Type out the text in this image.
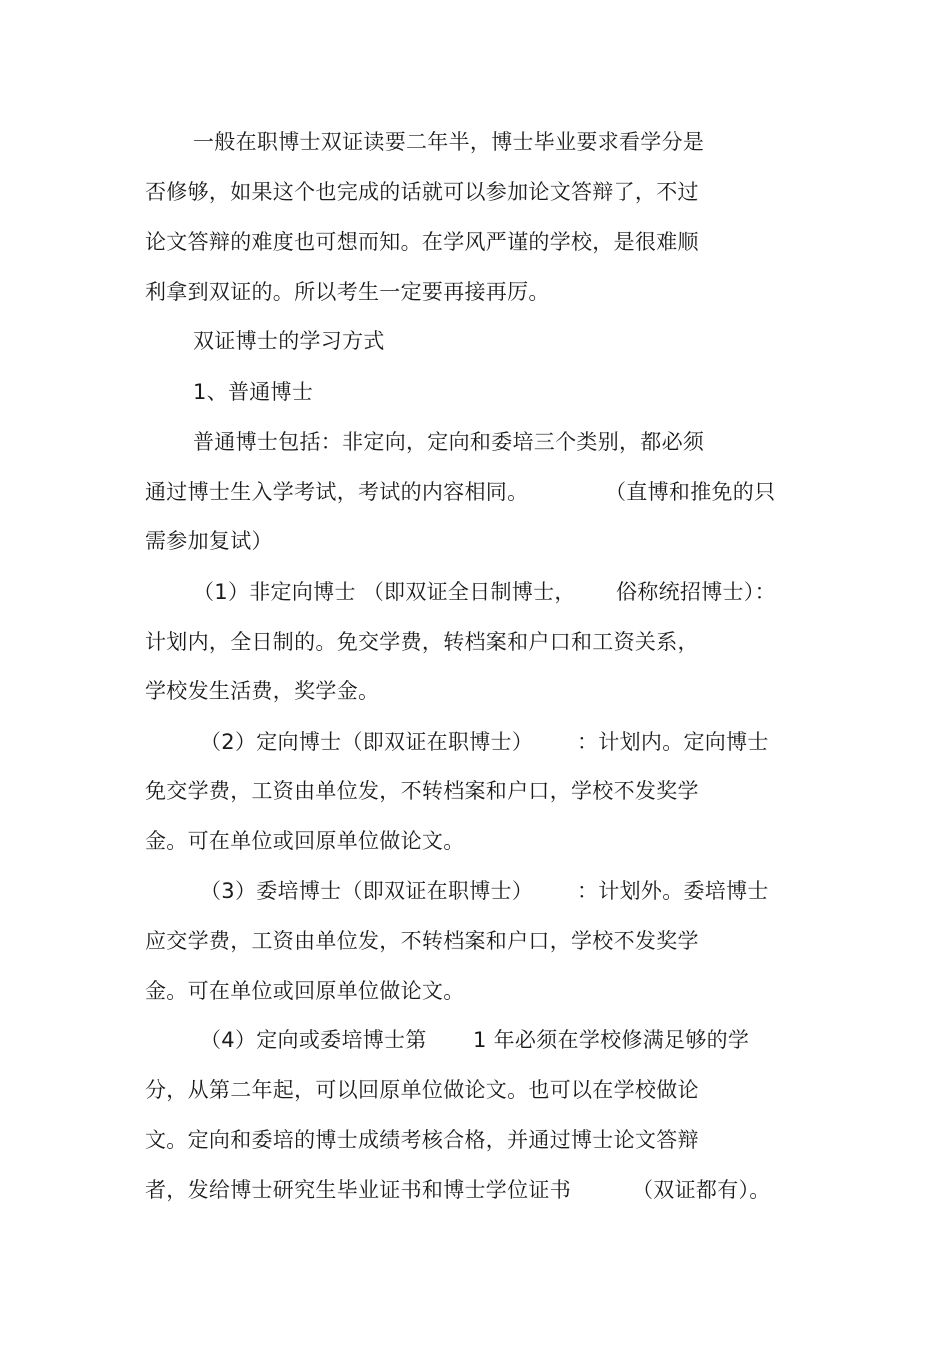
一般在职博士双证读要二年半，博士毕业要求看学分是
否修够，如果这个也完成的话就可以参加论文答辩了，不过
论文答辩的难度也可想而知。在学风严谨的学校，是很难顺
利拿到双证的。所以考生一定要再接再厉。
双证博士的学习方式
1、普通博士
普通博士包括：非定向，定向和委培三个类别，都必须
通过博士生入学考试，考试的内容相同。	（直博和推免的只
需参加复试）
（1）非定向博士 （即双证全日制博士， 俗称统招博士）：
计划内，全日制的。免交学费，转档案和户口和工资关系，
学校发生活费，奖学金。
（2）定向博士（即双证在职博士） ：计划内。定向博士
免交学费，工资由单位发，不转档案和户口，学校不发奖学
金。可在单位或回原单位做论文。
（3）委培博士（即双证在职博士） ：计划外。委培博士
应交学费，工资由单位发，不转档案和户口，学校不发奖学
金。可在单位或回原单位做论文。
（4）定向或委培博士第 1 年必须在学校修满足够的学
分，从第二年起，可以回原单位做论文。也可以在学校做论
文。定向和委培的博士成绩考核合格，并通过博士论文答辩
者，发给博士研究生毕业证书和博士学位证书	（双证都有）。
